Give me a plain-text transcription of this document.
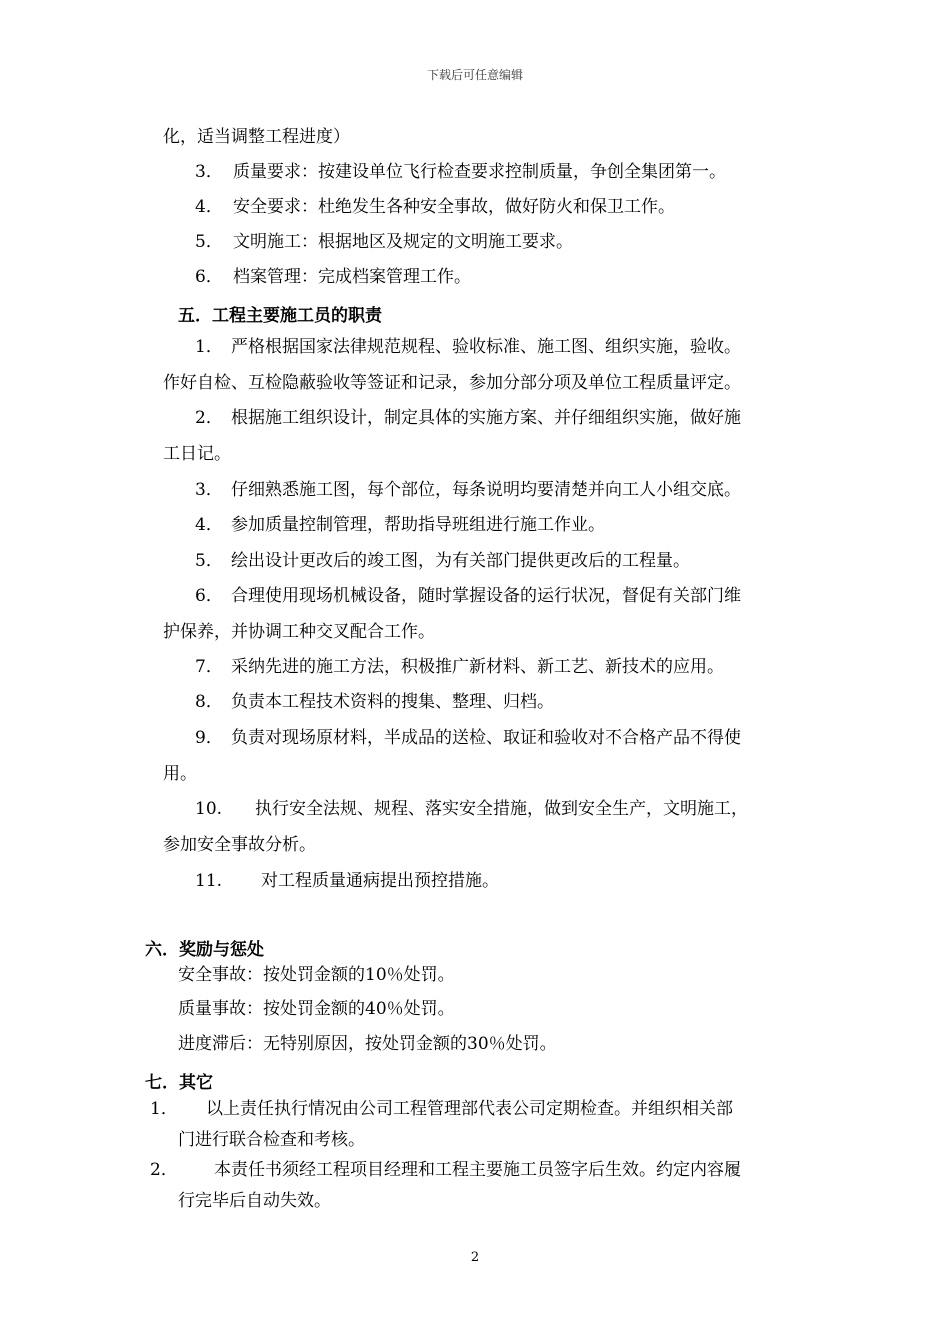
下载后可任意编辑
化，适当调整工程进度）
3． 质量要求：按建设单位飞行检查要求控制质量，争创全集团第一。
4． 安全要求：杜绝发生各种安全事故，做好防火和保卫工作。
5． 文明施工：根据地区及规定的文明施工要求。
6． 档案管理：完成档案管理工作。
五．工程主要施工员的职责
1． 严格根据国家法律规范规程、验收标准、施工图、组织实施，验收。
作好自检、互检隐蔽验收等签证和记录，参加分部分项及单位工程质量评定。
2． 根据施工组织设计，制定具体的实施方案、并仔细组织实施，做好施
工日记。
3． 仔细熟悉施工图，每个部位，每条说明均要清楚并向工人小组交底。
4． 参加质量控制管理，帮助指导班组进行施工作业。
5． 绘出设计更改后的竣工图，为有关部门提供更改后的工程量。
6． 合理使用现场机械设备，随时掌握设备的运行状况，督促有关部门维
护保养，并协调工种交叉配合工作。
7． 采纳先进的施工方法，积极推广新材料、新工艺、新技术的应用。
8． 负责本工程技术资料的搜集、整理、归档。
9． 负责对现场原材料，半成品的送检、取证和验收对不合格产品不得使
用。
10. 执行安全法规、规程、落实安全措施，做到安全生产，文明施工，
参加安全事故分析。
11. 对工程质量通病提出预控措施。
六．奖励与惩处
安全事故：按处罚金额的10％处罚。
质量事故：按处罚金额的40％处罚。
进度滞后：无特别原因，按处罚金额的30％处罚。
七．其它
1． 以上责任执行情况由公司工程管理部代表公司定期检查。并组织相关部
门进行联合检查和考核。
2． 本责任书须经工程项目经理和工程主要施工员签字后生效。约定内容履
行完毕后自动失效。
2
